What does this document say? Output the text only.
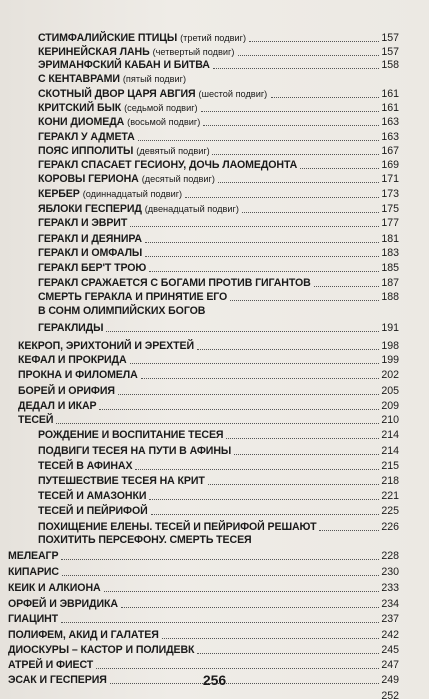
СТИМФАЛИЙСКИЕ ПТИЦЫ (третий подвиг)	157
КЕРИНЕЙСКАЯ ЛАНЬ (четвертый подвиг)	157
ЭРИМАНФСКИЙ КАБАН И БИТВА	158
С КЕНТАВРАМИ (пятый подвиг)
СКОТНЫЙ ДВОР ЦАРЯ АВГИЯ (шестой подвиг)	161
КРИТСКИЙ БЫК (седьмой подвиг)	161
КОНИ ДИОМЕДА (восьмой подвиг)	163
ГЕРАКЛ У АДМЕТА	163
ПОЯС ИППОЛИТЫ (девятый подвиг)	167
ГЕРАКЛ СПАСАЕТ ГЕСИОНУ, ДОЧЬ ЛАОМЕДОНТА	169
КОРОВЫ ГЕРИОНА (десятый подвиг)	171
КЕРБЕР (одиннадцатый подвиг)	173
ЯБЛОКИ ГЕСПЕРИД (двенадцатый подвиг)	175
ГЕРАКЛ И ЭВРИТ	177
ГЕРАКЛ И ДЕЯНИРА	181
ГЕРАКЛ И ОМФАЛЫ	183
ГЕРАКЛ БЕР'Т ТРОЮ	185
ГЕРАКЛ СРАЖАЕТСЯ С БОГАМИ ПРОТИВ ГИГАНТОВ	187
СМЕРТЬ ГЕРАКЛА И ПРИНЯТИЕ ЕГО	188
В СОНМ ОЛИМПИЙСКИХ БОГОВ
ГЕРАКЛИДЫ	191
КЕКРОП, ЭРИХТОНИЙ И ЭРЕХТЕЙ	198
КЕФАЛ И ПРОКРИДА	199
ПРОКНА И ФИЛОМЕЛА	202
БОРЕЙ И ОРИФИЯ	205
ДЕДАЛ И ИКАР	209
ТЕСЕЙ	210
РОЖДЕНИЕ И ВОСПИТАНИЕ ТЕСЕЯ	214
ПОДВИГИ ТЕСЕЯ НА ПУТИ В АФИНЫ	214
ТЕСЕЙ В АФИНАХ	215
ПУТЕШЕСТВИЕ ТЕСЕЯ НА КРИТ	218
ТЕСЕЙ И АМАЗОНКИ	221
ТЕСЕЙ И ПЕЙРИФОЙ	225
ПОХИЩЕНИЕ ЕЛЕНЫ. ТЕСЕЙ И ПЕЙРИФОЙ РЕШАЮТ	226
ПОХИТИТЬ ПЕРСЕФОНУ. СМЕРТЬ ТЕСЕЯ
МЕЛЕАГР	228
КИПАРИС	230
КЕИК И АЛКИОНА	233
ОРФЕЙ И ЭВРИДИКА	234
ГИАЦИНТ	237
ПОЛИФЕМ, АКИД И ГАЛАТЕЯ	242
ДИОСКУРЫ – КАСТОР И ПОЛИДЕВК	245
АТРЕЙ И ФИЕСТ	247
ЭСАК И ГЕСПЕРИЯ	249
252
256
